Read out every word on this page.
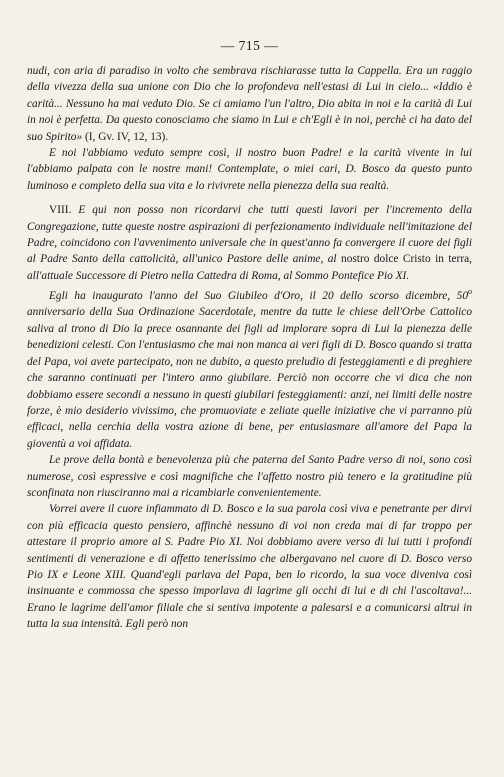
— 715 —

nudi, con aria di paradiso in volto che sembrava rischiarasse tutta la Cappella. Era un raggio della vivezza della sua unione con Dio che lo profondeva nell'estasi di Lui in cielo... «Iddio è carità... Nessuno ha mai veduto Dio. Se ci amiamo l'un l'altro, Dio abita in noi e la carità di Lui in noi è perfetta. Da questo conosciamo che siamo in Lui e ch'Egli è in noi, perchè ci ha dato del suo Spirito» (I, Gv. IV, 12, 13).

E noi l'abbiamo veduto sempre così, il nostro buon Padre! e la carità vivente in lui l'abbiamo palpata con le nostre mani! Contemplate, o miei cari, D. Bosco da questo punto luminoso e completo della sua vita e lo rivivrete nella pienezza della sua realtà.

VIII. E qui non posso non ricordarvi che tutti questi lavori per l'incremento della Congregazione, tutte queste nostre aspirazioni di perfezionamento individuale nell'imitazione del Padre, coincidono con l'avvenimento universale che in quest'anno fa convergere il cuore dei figli al Padre Santo della cattolicità, all'unico Pastore delle anime, al nostro dolce Cristo in terra, all'attuale Successore di Pietro nella Cattedra di Roma, al Sommo Pontefice Pio XI.

Egli ha inaugurato l'anno del Suo Giubileo d'Oro, il 20 dello scorso dicembre, 50$^o$ anniversario della Sua Ordinazione Sacerdotale, mentre da tutte le chiese dell'Orbe Cattolico saliva al trono di Dio la prece osannante dei figli ad implorare sopra di Lui la pienezza delle benedizioni celesti. Con l'entusiasmo che mai non manca ai veri figli di D. Bosco quando si tratta del Papa, voi avete partecipato, non ne dubito, a questo preludio di festeggiamenti e di preghiere che saranno continuati per l'intero anno giubilare. Perciò non occorre che vi dica che non dobbiamo essere secondi a nessuno in questi giubilari festeggiamenti: anzi, nei limiti delle nostre forze, è mio desiderio vivissimo, che promuoviate e zeliate quelle iniziative che vi parranno più efficaci, nella cerchia della vostra azione di bene, per entusiasmare all'amore del Papa la gioventù a voi affidata.

Le prove della bontà e benevolenza più che paterna del Santo Padre verso di noi, sono così numerose, così espressive e così magnifiche che l'affetto nostro più tenero e la gratitudine più sconfinata non riusciranno mai a ricambiarle convenientemente.

Vorrei avere il cuore infiammato di D. Bosco e la sua parola così viva e penetrante per dirvi con più efficacia questo pensiero, affinchè nessuno di voi non creda mai di far troppo per attestare il proprio amore al S. Padre Pio XI. Noi dobbiamo avere verso di lui tutti i profondi sentimenti di venerazione e di affetto tenerissimo che albergavano nel cuore di D. Bosco verso Pio IX e Leone XIII. Quand'egli parlava del Papa, ben lo ricordo, la sua voce diveniva così insinuante e commossa che spesso imporlava di lagrime gli occhi di lui e di chi l'ascoltava!... Erano le lagrime dell'amor filiale che si sentiva impotente a palesarsi e a comunicarsi altrui in tutta la sua intensità. Egli però non
